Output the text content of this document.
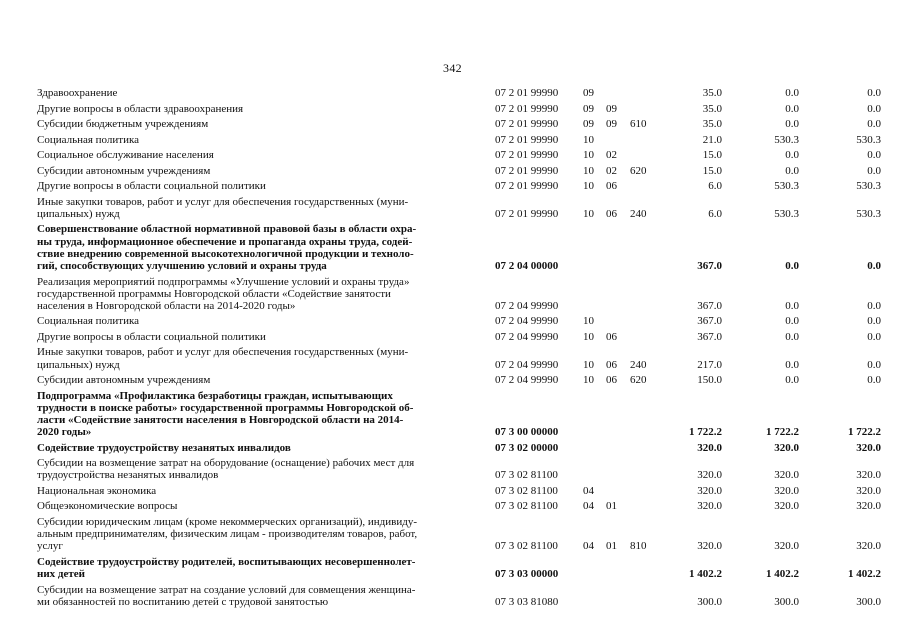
342
Здравоохранение	07 2 01 99990 09	35.0	0.0	0.0
Другие вопросы в области здравоохранения	07 2 01 99990 09 09	35.0	0.0	0.0
Субсидии бюджетным учреждениям	07 2 01 99990 09 09 610	35.0	0.0	0.0
Социальная политика	07 2 01 99990 10	21.0	530.3	530.3
Социальное обслуживание населения	07 2 01 99990 10 02	15.0	0.0	0.0
Субсидии автономным учреждениям	07 2 01 99990 10 02 620	15.0	0.0	0.0
Другие вопросы в области социальной политики	07 2 01 99990 10 06	6.0	530.3	530.3
Иные закупки товаров, работ и услуг для обеспечения государственных (муни-
ципальных) нужд	07 2 01 99990 10 06 240	6.0	530.3	530.3
Совершенствование областной нормативной правовой базы в области охра-
ны труда, информационное обеспечение и пропаганда охраны труда, содей-
ствие внедрению современной высокотехнологичной продукции и техноло-
гий, способствующих улучшению условий и охраны труда	07 2 04 00000	367.0	0.0	0.0
Реализация мероприятий подпрограммы «Улучшение условий и охраны труда»
государственной программы Новгородской области «Содействие занятости
населения в Новгородской области на 2014-2020 годы»	07 2 04 99990	367.0	0.0	0.0
Социальная политика	07 2 04 99990 10	367.0	0.0	0.0
Другие вопросы в области социальной политики	07 2 04 99990 10 06	367.0	0.0	0.0
Иные закупки товаров, работ и услуг для обеспечения государственных (муни-
ципальных) нужд	07 2 04 99990 10 06 240	217.0	0.0	0.0
Субсидии автономным учреждениям	07 2 04 99990 10 06 620	150.0	0.0	0.0
Подпрограмма «Профилактика безработицы граждан, испытывающих
трудности в поиске работы» государственной программы Новгородской об-
ласти «Содействие занятости населения в Новгородской области на 2014-
2020 годы»	07 3 00 00000	1 722.2	1 722.2	1 722.2
Содействие трудоустройству незанятых инвалидов	07 3 02 00000	320.0	320.0	320.0
Субсидии на возмещение затрат на оборудование (оснащение) рабочих мест для
трудоустройства незанятых инвалидов	07 3 02 81100	320.0	320.0	320.0
Национальная экономика	07 3 02 81100 04	320.0	320.0	320.0
Общеэкономические вопросы	07 3 02 81100 04 01	320.0	320.0	320.0
Субсидии юридическим лицам (кроме некоммерческих организаций), индивиду-
альным предпринимателям, физическим лицам - производителям товаров, работ,
услуг	07 3 02 81100 04 01 810	320.0	320.0	320.0
Содействие трудоустройству родителей, воспитывающих несовершеннолет-
них детей	07 3 03 00000	1 402.2	1 402.2	1 402.2
Субсидии на возмещение затрат на создание условий для совмещения женщина-
ми обязанностей по воспитанию детей с трудовой занятостью	07 3 03 81080	300.0	300.0	300.0
